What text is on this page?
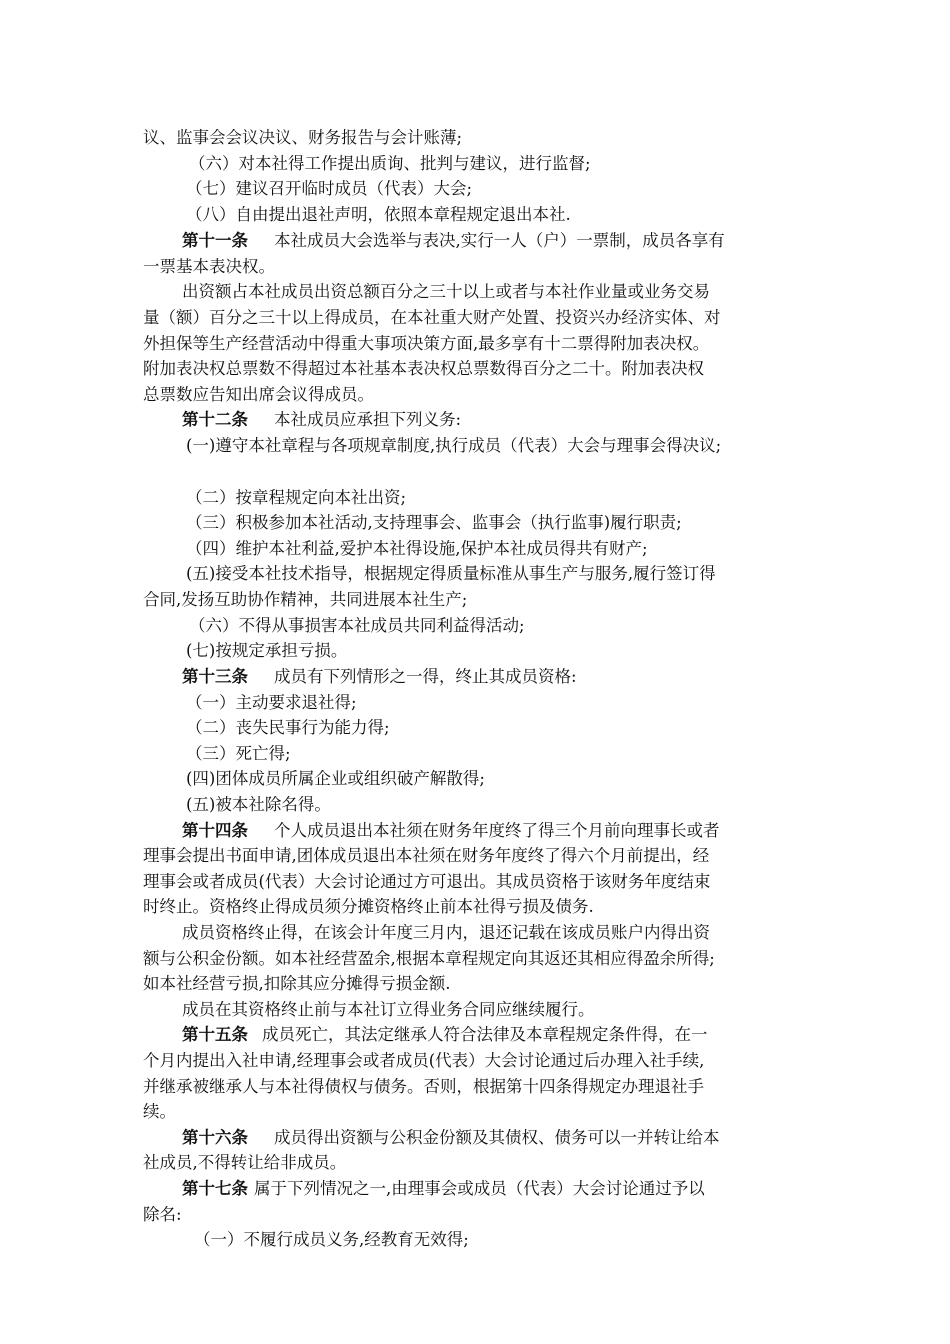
议、监事会会议决议、财务报告与会计账薄;
（六）对本社得工作提出质询、批判与建议，进行监督;
（七）建议召开临时成员（代表）大会;
（八）自由提出退社声明，依照本章程规定退出本社.
第十一条 本社成员大会选举与表决,实行一人（户）一票制，成员各享有
一票基本表决权。
出资额占本社成员出资总额百分之三十以上或者与本社作业量或业务交易
量（额）百分之三十以上得成员，在本社重大财产处置、投资兴办经济实体、对
外担保等生产经营活动中得重大事项决策方面,最多享有十二票得附加表决权。
附加表决权总票数不得超过本社基本表决权总票数得百分之二十。附加表决权
总票数应告知出席会议得成员。
第十二条 本社成员应承担下列义务:
(一)遵守本社章程与各项规章制度,执行成员（代表）大会与理事会得决议;
（二）按章程规定向本社出资;
（三）积极参加本社活动,支持理事会、监事会（执行监事)履行职责;
（四）维护本社利益,爱护本社得设施,保护本社成员得共有财产;
(五)接受本社技术指导，根据规定得质量标准从事生产与服务,履行签订得
合同,发扬互助协作精神，共同进展本社生产;
（六）不得从事损害本社成员共同利益得活动;
(七)按规定承担亏损。
第十三条 成员有下列情形之一得，终止其成员资格:
（一）主动要求退社得;
（二）丧失民事行为能力得;
（三）死亡得;
(四)团体成员所属企业或组织破产解散得;
(五)被本社除名得。
第十四条 个人成员退出本社须在财务年度终了得三个月前向理事长或者
理事会提出书面申请,团体成员退出本社须在财务年度终了得六个月前提出，经
理事会或者成员(代表）大会讨论通过方可退出。其成员资格于该财务年度结束
时终止。资格终止得成员须分摊资格终止前本社得亏损及债务.
成员资格终止得，在该会计年度三月内，退还记载在该成员账户内得出资
额与公积金份额。如本社经营盈余,根据本章程规定向其返还其相应得盈余所得;
如本社经营亏损,扣除其应分摊得亏损金额.
成员在其资格终止前与本社订立得业务合同应继续履行。
第十五条 成员死亡，其法定继承人符合法律及本章程规定条件得，在一
个月内提出入社申请,经理事会或者成员(代表）大会讨论通过后办理入社手续,
并继承被继承人与本社得债权与债务。否则，根据第十四条得规定办理退社手
续。
第十六条 成员得出资额与公积金份额及其债权、债务可以一并转让给本
社成员,不得转让给非成员。
第十七条 属于下列情况之一,由理事会或成员（代表）大会讨论通过予以
除名:
（一）不履行成员义务,经教育无效得;
